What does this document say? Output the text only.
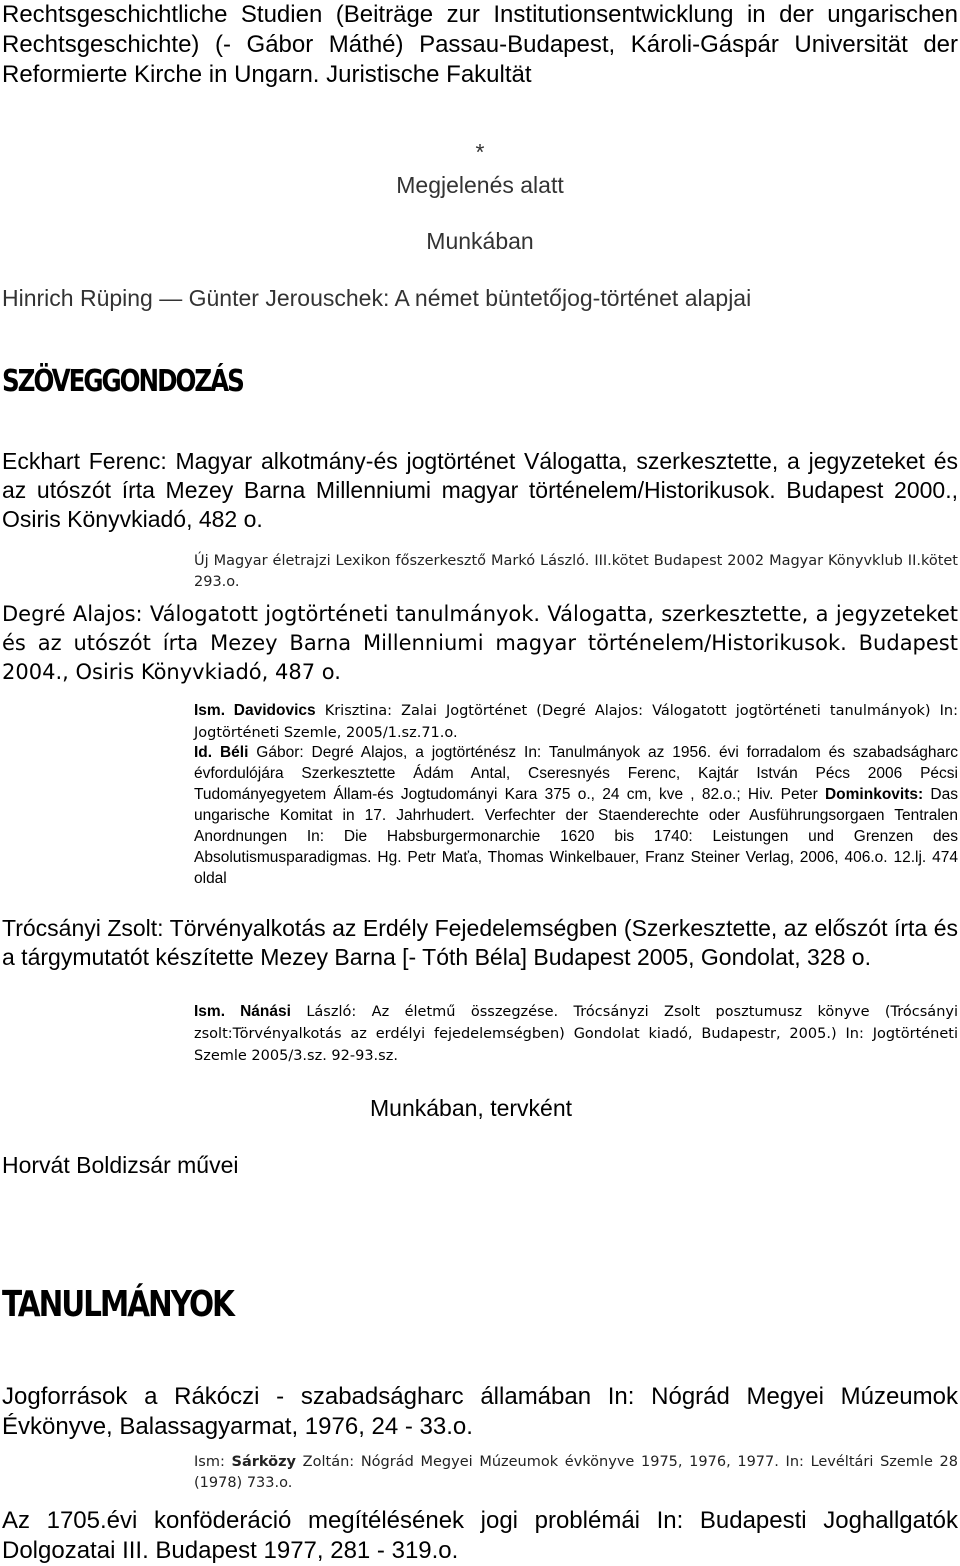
Rechtsgeschichtliche Studien (Beiträge zur Institutionsentwicklung in der ungarischen Rechtsgeschichte) (- Gábor Máthé) Passau-Budapest, Károli-Gáspár Universität der Reformierte Kirche in Ungarn. Juristische Fakultät

*

Megjelenés alatt

Munkában

Hinrich Rüping — Günter Jerouschek: A német büntetőjog-történet alapjai

SZÖVEGGONDOZÁS

Eckhart Ferenc: Magyar alkotmány-és jogtörténet Válogatta, szerkesztette, a jegyzeteket és az utószót írta Mezey Barna Millenniumi magyar történelem/Historikusok. Budapest 2000., Osiris Könyvkiadó, 482 o.

Új Magyar életrajzi Lexikon főszerkesztő Markó László. III.kötet Budapest 2002 Magyar Könyvklub II.kötet 293.o.

Degré Alajos: Válogatott jogtörténeti tanulmányok. Válogatta, szerkesztette, a jegyzeteket és az utószót írta Mezey Barna Millenniumi magyar történelem/Historikusok. Budapest 2004., Osiris Könyvkiadó, 487 o.

Ism. Davidovics Krisztina: Zalai Jogtörténet (Degré Alajos: Válogatott jogtörténeti tanulmányok) In: Jogtörténeti Szemle, 2005/1.sz.71.o.

Id. Béli Gábor: Degré Alajos, a jogtörténész In: Tanulmányok az 1956. évi forradalom és szabadságharc évfordulójára Szerkesztette Ádám Antal, Cseresnyés Ferenc, Kajtár István Pécs 2006 Pécsi Tudományegyetem Állam-és Jogtudományi Kara 375 o., 24 cm, kve , 82.o.; Hiv. Peter Dominkovits: Das ungarische Komitat in 17. Jahrhudert. Verfechter der Staenderechte oder Ausführungsorgaen Tentralen Anordnungen In: Die Habsburgermonarchie 1620 bis 1740: Leistungen und Grenzen des Absolutismusparadigmas. Hg. Petr Maťa, Thomas Winkelbauer, Franz Steiner Verlag, 2006, 406.o. 12.lj. 474 oldal

Trócsányi Zsolt: Törvényalkotás az Erdély Fejedelemségben (Szerkesztette, az előszót írta és a tárgymutatót készítette Mezey Barna [- Tóth Béla] Budapest 2005, Gondolat, 328 o.

Ism. Nánási László: Az életmű összegzése. Trócsányzi Zsolt posztumusz könyve (Trócsányi zsolt:Törvényalkotás az erdélyi fejedelemségben) Gondolat kiadó, Budapestr, 2005.) In: Jogtörténeti Szemle 2005/3.sz. 92-93.sz.

Munkában, tervként

Horvát Boldizsár művei

TANULMÁNYOK

Jogforrások a Rákóczi - szabadságharc államában In: Nógrád Megyei Múzeumok Évkönyve, Balassagyarmat, 1976, 24 - 33.o.

Ism: Sárközy Zoltán: Nógrád Megyei Múzeumok évkönyve 1975, 1976, 1977. In: Levéltári Szemle 28 (1978) 733.o.

Az 1705.évi konföderáció megítélésének jogi problémái In: Budapesti Joghallgatók Dolgozatai III. Budapest 1977, 281 - 319.o.
